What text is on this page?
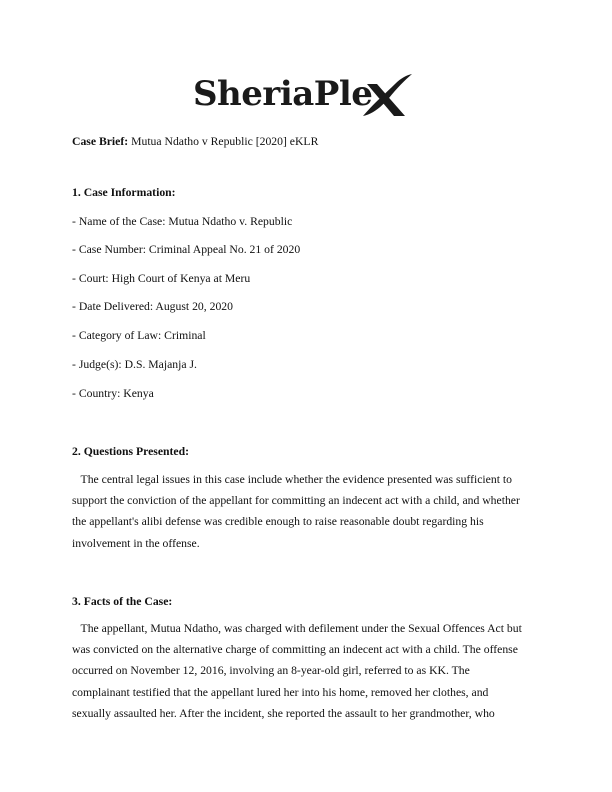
SheriaPle
Case Brief: Mutua Ndatho v Republic [2020] eKLR
1. Case Information:
- Name of the Case: Mutua Ndatho v. Republic
- Case Number: Criminal Appeal No. 21 of 2020
- Court: High Court of Kenya at Meru
- Date Delivered: August 20, 2020
- Category of Law: Criminal
- Judge(s): D.S. Majanja J.
- Country: Kenya
2. Questions Presented:
The central legal issues in this case include whether the evidence presented was sufficient to
support the conviction of the appellant for committing an indecent act with a child, and whether
the appellant's alibi defense was credible enough to raise reasonable doubt regarding his
involvement in the offense.
3. Facts of the Case:
The appellant, Mutua Ndatho, was charged with defilement under the Sexual Offences Act but
was convicted on the alternative charge of committing an indecent act with a child. The offense
occurred on November 12, 2016, involving an 8-year-old girl, referred to as KK. The
complainant testified that the appellant lured her into his home, removed her clothes, and
sexually assaulted her. After the incident, she reported the assault to her grandmother, who
